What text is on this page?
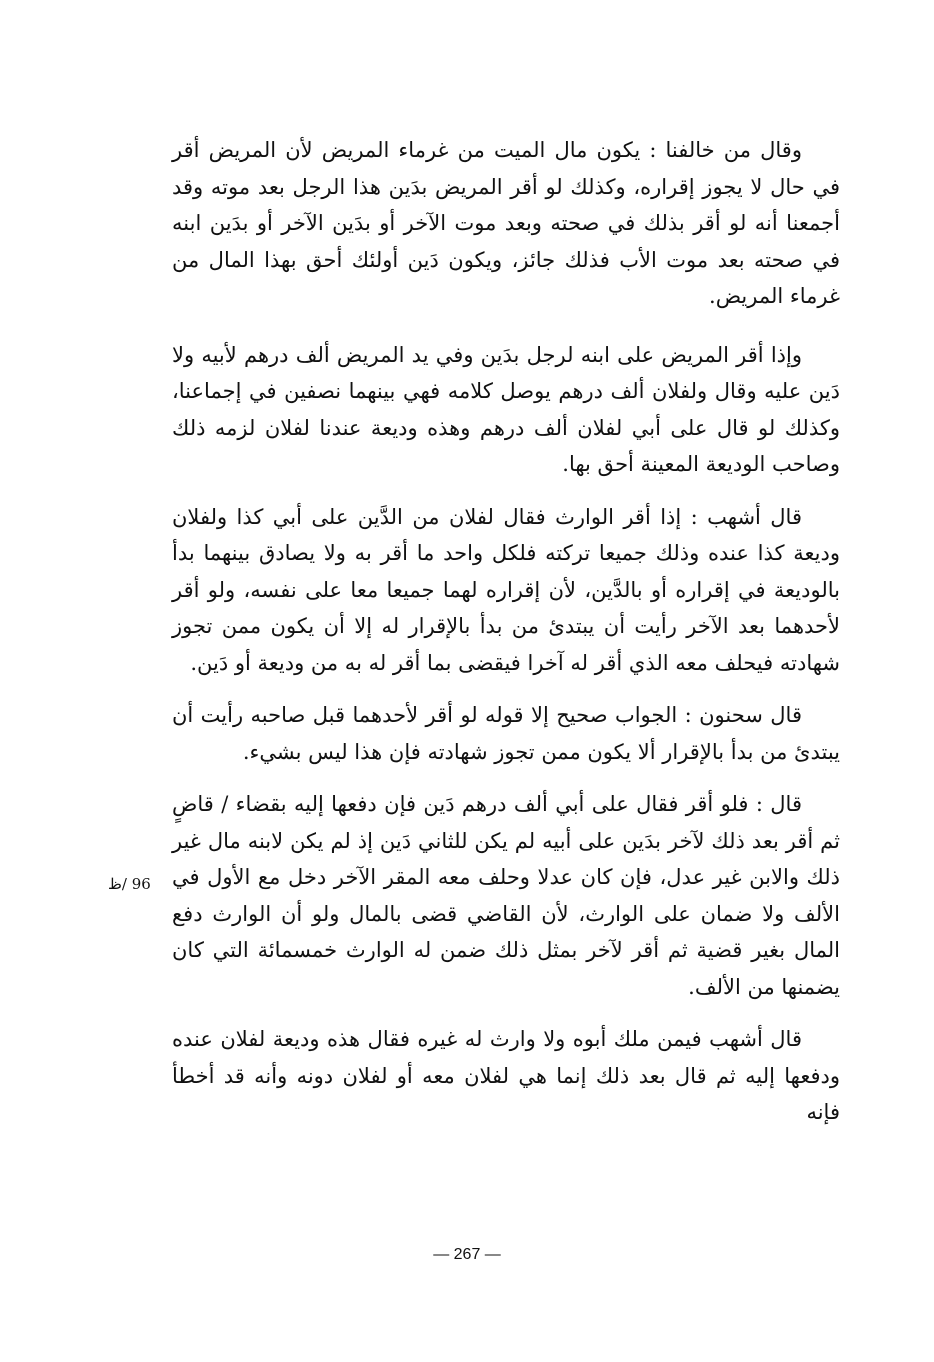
وقال من خالفنا : يكون مال الميت من غرماء المريض لأن المريض أقر في حال لا يجوز إقراره، وكذلك لو أقر المريض بدَين هذا الرجل بعد موته وقد أجمعنا أنه لو أقر بذلك في صحته وبعد موت الآخر أو بدَين الآخر أو بدَين ابنه في صحته بعد موت الأب فذلك جائز، ويكون دَين أولئك أحق بهذا المال من غرماء المريض.

وإذا أقر المريض على ابنه لرجل بدَين وفي يد المريض ألف درهم لأبيه ولا دَين عليه وقال ولفلان ألف درهم يوصل كلامه فهي بينهما نصفين في إجماعنا، وكذلك لو قال على أبي لفلان ألف درهم وهذه وديعة عندنا لفلان لزمه ذلك وصاحب الوديعة المعينة أحق بها.

قال أشهب : إذا أقر الوارث فقال لفلان من الدَّين على أبي كذا ولفلان وديعة كذا عنده وذلك جميعا تركته فلكل واحد ما أقر به ولا يصادق بينهما بدأ بالوديعة في إقراره أو بالدَّين، لأن إقراره لهما جميعا معا على نفسه، ولو أقر لأحدهما بعد الآخر رأيت أن يبتدئ من بدأ بالإقرار له إلا أن يكون ممن تجوز شهادته فيحلف معه الذي أقر له آخرا فيقضى بما أقر له به من وديعة أو دَين.

قال سحنون : الجواب صحيح إلا قوله لو أقر لأحدهما قبل صاحبه رأيت أن يبتدئ من بدأ بالإقرار ألا يكون ممن تجوز شهادته فإن هذا ليس بشيء.

قال : فلو أقر فقال على أبي ألف درهم دَين فإن دفعها إليه بقضاء / قاضٍ ثم أقر بعد ذلك لآخر بدَين على أبيه لم يكن للثاني دَين إذ لم يكن لابنه مال غير ذلك والابن غير عدل، فإن كان عدلا وحلف معه المقر الآخر دخل مع الأول في الألف ولا ضمان على الوارث، لأن القاضي قضى بالمال ولو أن الوارث دفع المال بغير قضية ثم أقر لآخر بمثل ذلك ضمن له الوارث خمسمائة التي كان يضمنها من الألف.

قال أشهب فيمن ملك أبوه ولا وارث له غيره فقال هذه وديعة لفلان عنده ودفعها إليه ثم قال بعد ذلك إنما هي لفلان معه أو لفلان دونه وأنه قد أخطأ فإنه

96 /ظ
— 267 —
